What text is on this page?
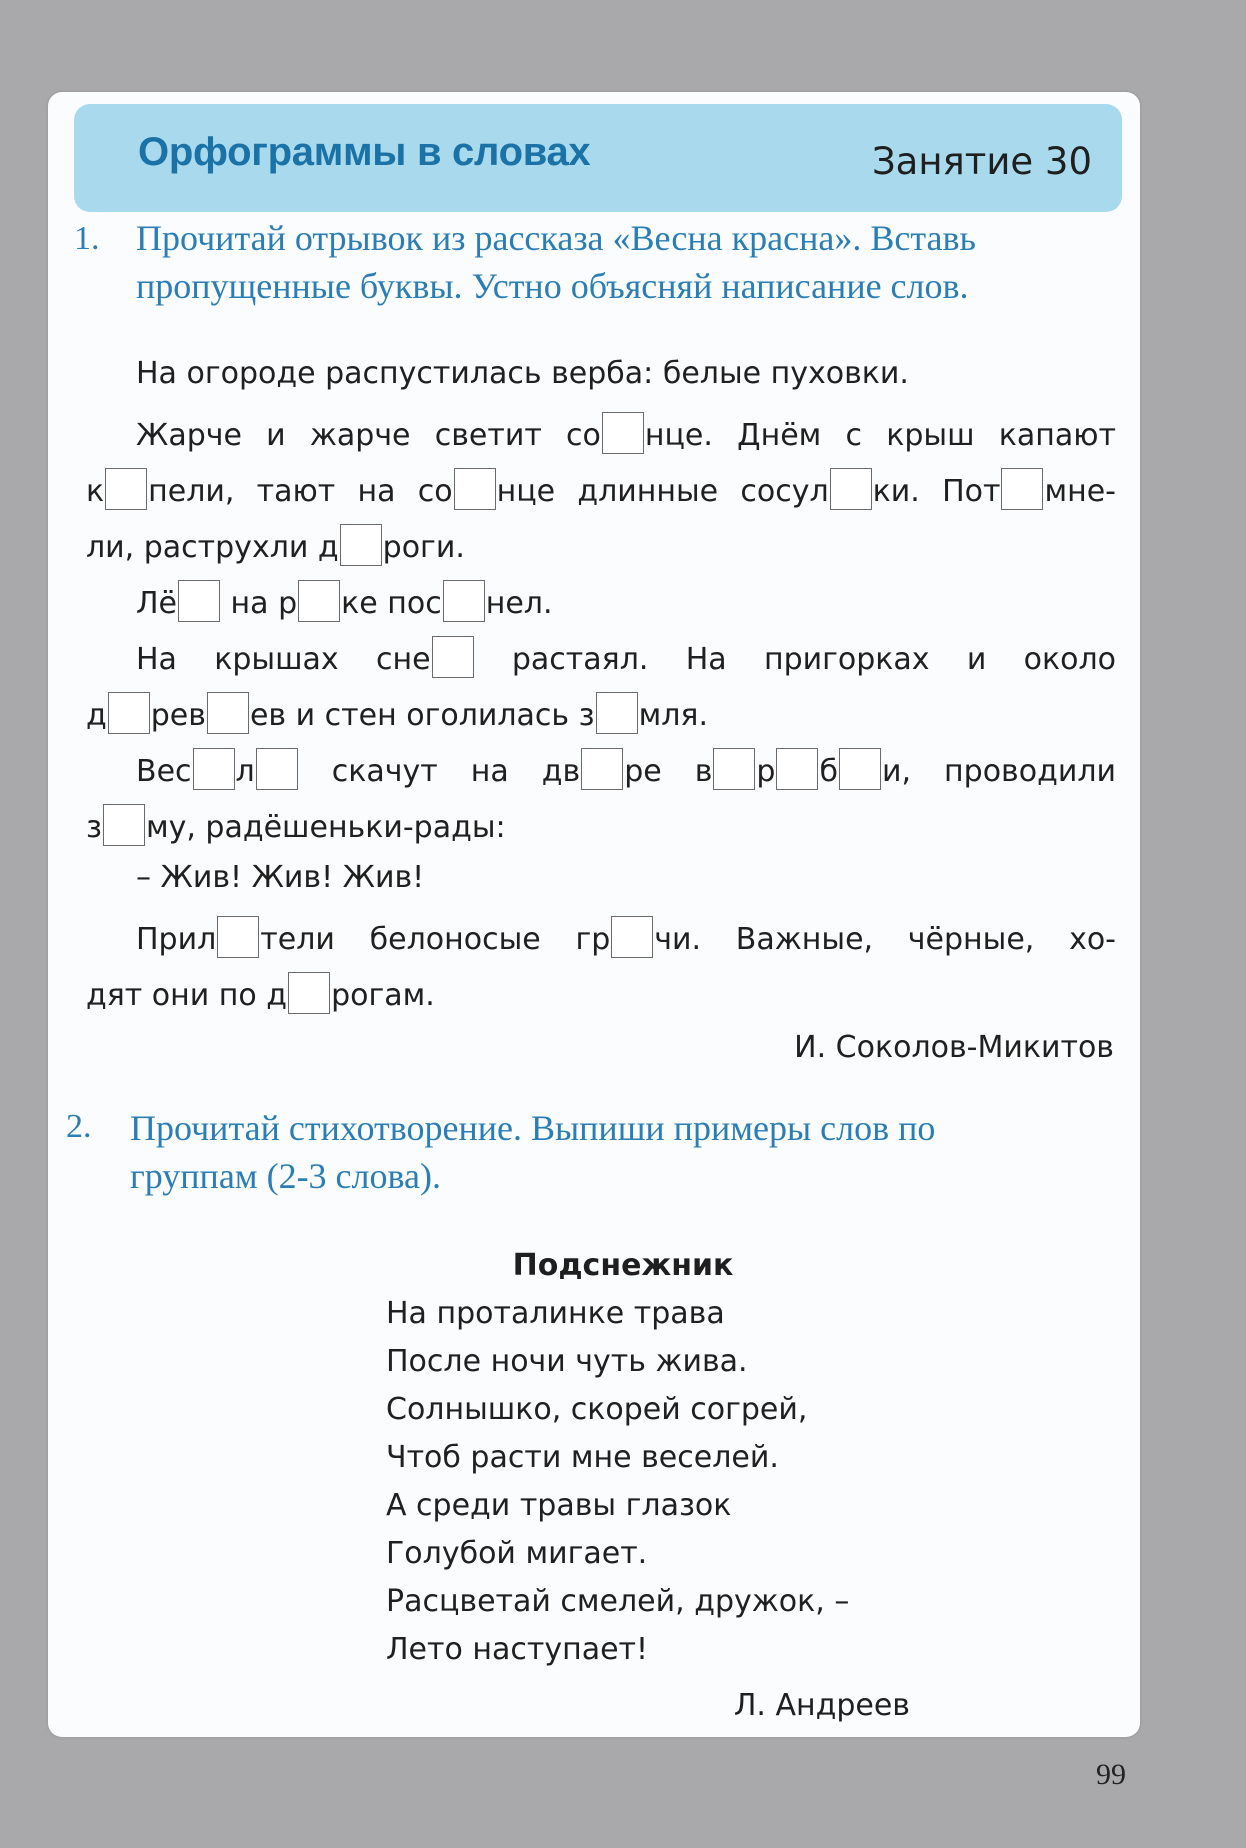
Орфограммы в словах	Занятие 30
1. Прочитай отрывок из рассказа «Весна красна». Вставь
пропущенные буквы. Устно объясняй написание слов.
На огороде распустилась верба: белые пуховки.
Жарче и жарче светит со нце. Днём с крыш капают
к пели, тают на со нце длинные сосул ки. Пот мне-
ли, раструхли д роги.
Лё на р ке пос нел.
На крышах сне растаял. На пригорках и около
д рев ев и стен оголилась з мля.
Вес л скачут на дв ре в р б и, проводили
з му, радёшеньки-рады:
– Жив! Жив! Жив!
Прил тели белоносые гр чи. Важные, чёрные, хо-
дят они по д рогам.
И. Соколов-Микитов
2. Прочитай стихотворение. Выпиши примеры слов по
группам (2-3 слова).
Подснежник
На проталинке трава
После ночи чуть жива.
Солнышко, скорей согрей,
Чтоб расти мне веселей.
А среди травы глазок
Голубой мигает.
Расцветай смелей, дружок, –
Лето наступает!
Л. Андреев
99
